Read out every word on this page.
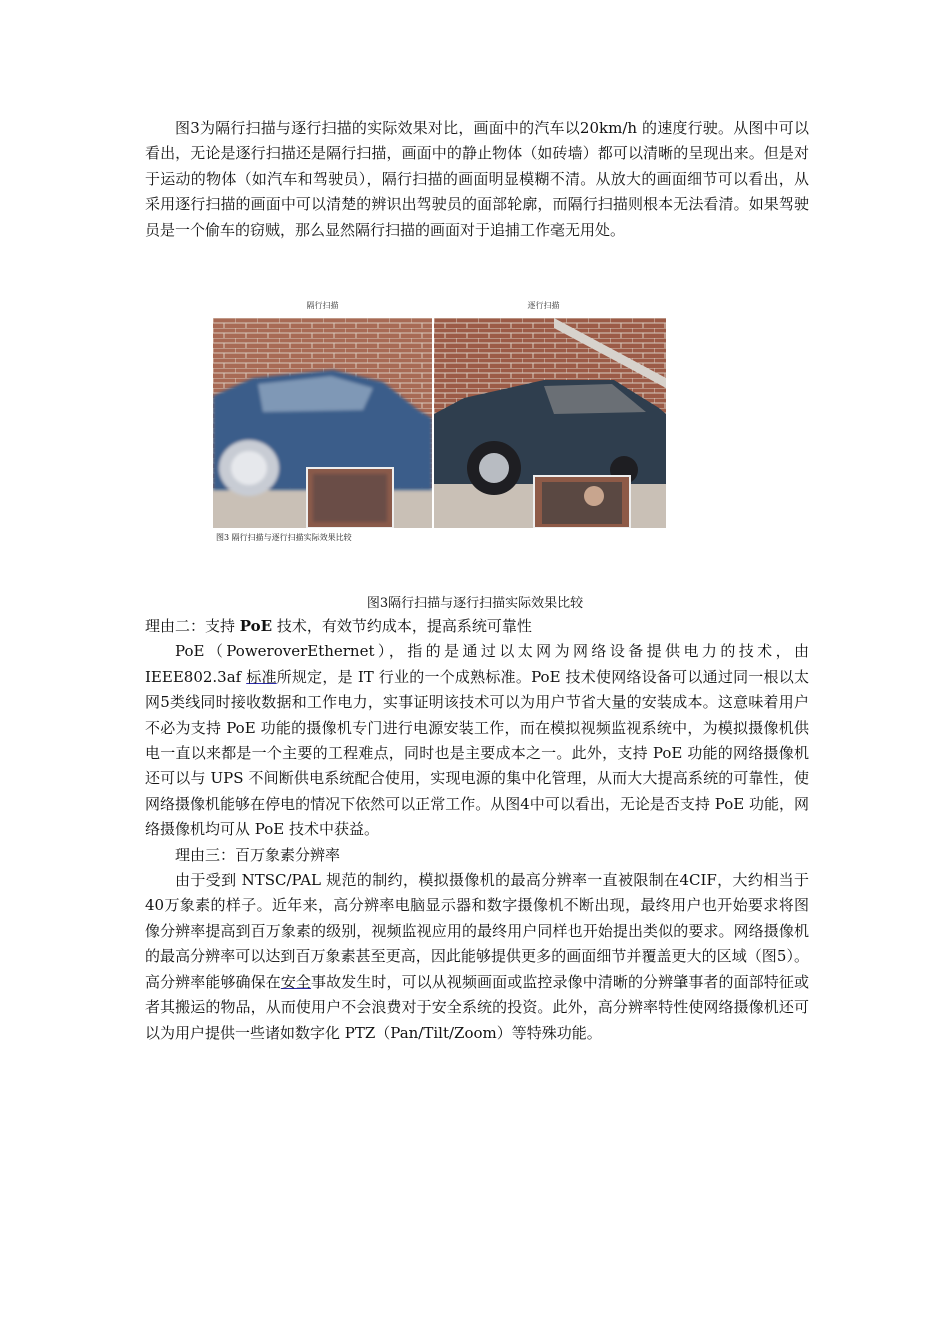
图3为隔行扫描与逐行扫描的实际效果对比，画面中的汽车以20km/h 的速度行驶。从图中可以看出，无论是逐行扫描还是隔行扫描，画面中的静止物体（如砖墙）都可以清晰的呈现出来。但是对于运动的物体（如汽车和驾驶员），隔行扫描的画面明显模糊不清。从放大的画面细节可以看出，从采用逐行扫描的画面中可以清楚的辨识出驾驶员的面部轮廓，而隔行扫描则根本无法看清。如果驾驶员是一个偷车的窃贼，那么显然隔行扫描的画面对于追捕工作毫无用处。

隔行扫描	逐行扫描
图3 隔行扫描与逐行扫描实际效果比较
图3隔行扫描与逐行扫描实际效果比较

理由二：支持 PoE 技术，有效节约成本，提高系统可靠性

PoE（PoweroverEthernet），指的是通过以太网为网络设备提供电力的技术，由 IEEE802.3af 标准所规定，是 IT 行业的一个成熟标准。PoE 技术使网络设备可以通过同一根以太网5类线同时接收数据和工作电力，实事证明该技术可以为用户节省大量的安装成本。这意味着用户不必为支持 PoE 功能的摄像机专门进行电源安装工作，而在模拟视频监视系统中，为模拟摄像机供电一直以来都是一个主要的工程难点，同时也是主要成本之一。此外，支持 PoE 功能的网络摄像机还可以与 UPS 不间断供电系统配合使用，实现电源的集中化管理，从而大大提高系统的可靠性，使网络摄像机能够在停电的情况下依然可以正常工作。从图4中可以看出，无论是否支持 PoE 功能，网络摄像机均可从 PoE 技术中获益。

理由三：百万象素分辨率

由于受到 NTSC/PAL 规范的制约，模拟摄像机的最高分辨率一直被限制在4CIF，大约相当于40万象素的样子。近年来，高分辨率电脑显示器和数字摄像机不断出现，最终用户也开始要求将图像分辨率提高到百万象素的级别，视频监视应用的最终用户同样也开始提出类似的要求。网络摄像机的最高分辨率可以达到百万象素甚至更高，因此能够提供更多的画面细节并覆盖更大的区域（图5）。高分辨率能够确保在安全事故发生时，可以从视频画面或监控录像中清晰的分辨肇事者的面部特征或者其搬运的物品，从而使用户不会浪费对于安全系统的投资。此外，高分辨率特性使网络摄像机还可以为用户提供一些诸如数字化 PTZ（Pan/Tilt/Zoom）等特殊功能。
